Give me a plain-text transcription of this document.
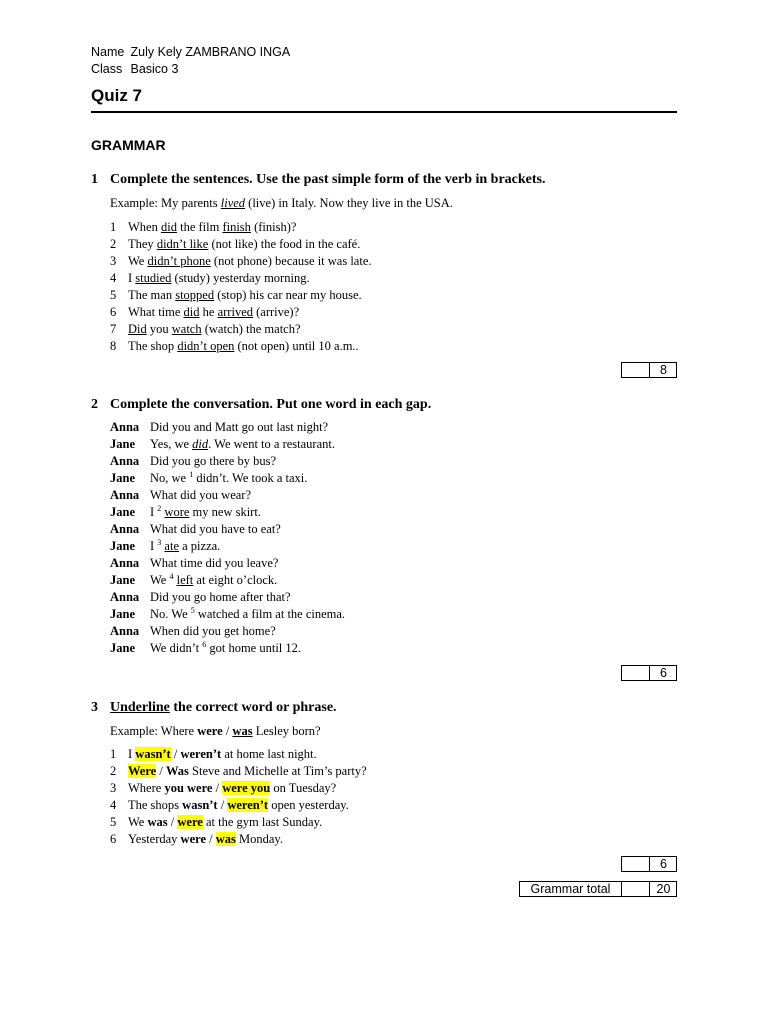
Name Zuly Kely ZAMBRANO INGA
Class Basico 3
Quiz 7
GRAMMAR
1 Complete the sentences. Use the past simple form of the verb in brackets.
Example: My parents lived (live) in Italy. Now they live in the USA.
1 When did the film finish (finish)?
2 They didn’t like (not like) the food in the café.
3 We didn’t phone (not phone) because it was late.
4 I studied (study) yesterday morning.
5 The man stopped (stop) his car near my house.
6 What time did he arrived (arrive)?
7 Did you watch (watch) the match?
8 The shop didn’t open (not open) until 10 a.m..
8
2 Complete the conversation. Put one word in each gap.
Anna Did you and Matt go out last night?
Jane Yes, we did. We went to a restaurant.
Anna Did you go there by bus?
Jane No, we $^1$ didn’t. We took a taxi.
Anna What did you wear?
Jane I $^2$ wore my new skirt.
Anna What did you have to eat?
Jane I $^3$ ate a pizza.
Anna What time did you leave?
Jane We $^4$ left at eight o’clock.
Anna Did you go home after that?
Jane No. We $^5$ watched a film at the cinema.
Anna When did you get home?
Jane We didn’t $^6$ got home until 12.
6
3 Underline the correct word or phrase.
Example: Where were / was Lesley born?
1 I wasn’t / weren’t at home last night.
2 Were / Was Steve and Michelle at Tim’s party?
3 Where you were / were you on Tuesday?
4 The shops wasn’t / weren’t open yesterday.
5 We was / were at the gym last Sunday.
6 Yesterday were / was Monday.
6
Grammar total	20
